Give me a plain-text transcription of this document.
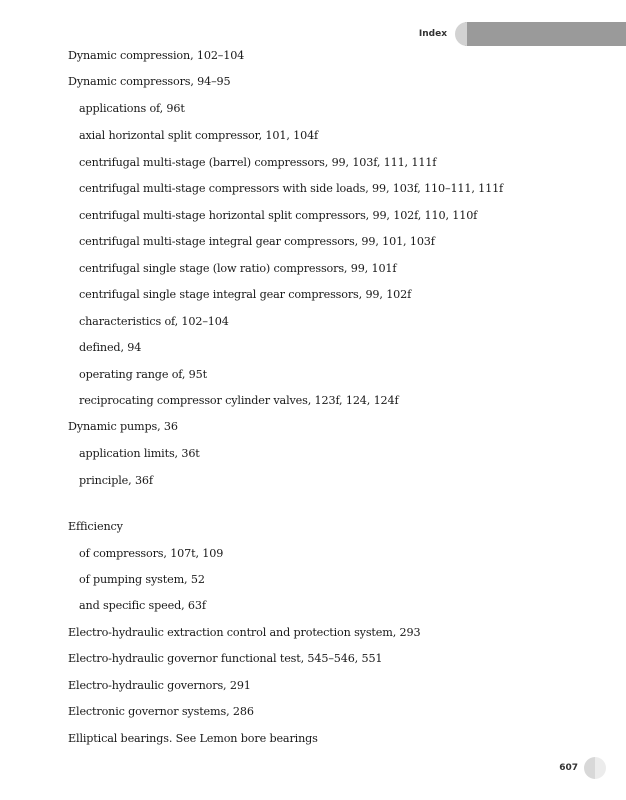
Index
Dynamic compression, 102–104
Dynamic compressors, 94–95
applications of, 96t
axial horizontal split compressor, 101, 104f
centrifugal multi-stage (barrel) compressors, 99, 103f, 111, 111f
centrifugal multi-stage compressors with side loads, 99, 103f, 110–111, 111f
centrifugal multi-stage horizontal split compressors, 99, 102f, 110, 110f
centrifugal multi-stage integral gear compressors, 99, 101, 103f
centrifugal single stage (low ratio) compressors, 99, 101f
centrifugal single stage integral gear compressors, 99, 102f
characteristics of, 102–104
defined, 94
operating range of, 95t
reciprocating compressor cylinder valves, 123f, 124, 124f
Dynamic pumps, 36
application limits, 36t
principle, 36f
Efficiency
of compressors, 107t, 109
of pumping system, 52
and specific speed, 63f
Electro-hydraulic extraction control and protection system, 293
Electro-hydraulic governor functional test, 545–546, 551
Electro-hydraulic governors, 291
Electronic governor systems, 286
Elliptical bearings. See Lemon bore bearings
607
